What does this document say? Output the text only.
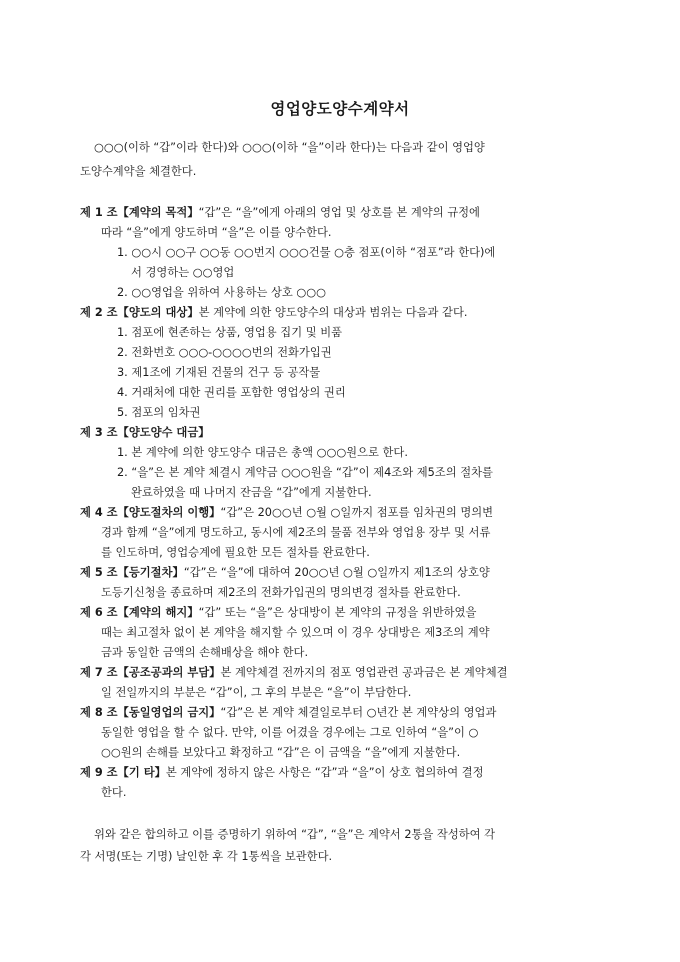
영업양도양수계약서
○○○(이하 “갑”이라 한다)와 ○○○(이하 “을”이라 한다)는 다음과 같이 영업양
도양수계약을 체결한다.
제 1 조【계약의 목적】“갑”은 “을”에게 아래의 영업 및 상호를 본 계약의 규정에
따라 “을”에게 양도하며 “을”은 이를 양수한다.
1. ○○시 ○○구 ○○동 ○○번지 ○○○건물 ○층 점포(이하 “점포”라 한다)에
서 경영하는 ○○영업
2. ○○영업을 위하여 사용하는 상호 ○○○
제 2 조【양도의 대상】본 계약에 의한 양도양수의 대상과 범위는 다음과 같다.
1. 점포에 현존하는 상품, 영업용 집기 및 비품
2. 전화번호 ○○○-○○○○번의 전화가입권
3. 제1조에 기재된 건물의 건구 등 공작물
4. 거래처에 대한 권리를 포함한 영업상의 권리
5. 점포의 임차권
제 3 조【양도양수 대금】
1. 본 계약에 의한 양도양수 대금은 총액 ○○○원으로 한다.
2. “을”은 본 계약 체결시 계약금 ○○○원을 “갑”이 제4조와 제5조의 절차를
완료하였을 때 나머지 잔금을 “갑”에게 지불한다.
제 4 조【양도절차의 이행】“갑”은 20○○년 ○월 ○일까지 점포를 임차권의 명의변
경과 함께 “을”에게 명도하고, 동시에 제2조의 물품 전부와 영업용 장부 및 서류
를 인도하며, 영업승계에 필요한 모든 절차를 완료한다.
제 5 조【등기절차】“갑”은 “을”에 대하여 20○○년 ○월 ○일까지 제1조의 상호양
도등기신청을 종료하며 제2조의 전화가입권의 명의변경 절차를 완료한다.
제 6 조【계약의 해지】“갑” 또는 “을”은 상대방이 본 계약의 규정을 위반하였을
때는 최고절차 없이 본 계약을 해지할 수 있으며 이 경우 상대방은 제3조의 계약
금과 동일한 금액의 손해배상을 해야 한다.
제 7 조【공조공과의 부담】본 계약체결 전까지의 점포 영업관련 공과금은 본 계약체결
일 전일까지의 부분은 “갑”이, 그 후의 부분은 “을”이 부담한다.
제 8 조【동일영업의 금지】“갑”은 본 계약 체결일로부터 ○년간 본 계약상의 영업과
동일한 영업을 할 수 없다. 만약, 이를 어겼을 경우에는 그로 인하여 “을”이 ○
○○원의 손해를 보았다고 확정하고 “갑”은 이 금액을 “을”에게 지불한다.
제 9 조【기 타】본 계약에 정하지 않은 사항은 “갑”과 “을”이 상호 협의하여 결정
한다.
위와 같은 합의하고 이를 증명하기 위하여 “갑”, “을”은 계약서 2통을 작성하여 각
각 서명(또는 기명) 날인한 후 각 1통씩을 보관한다.
